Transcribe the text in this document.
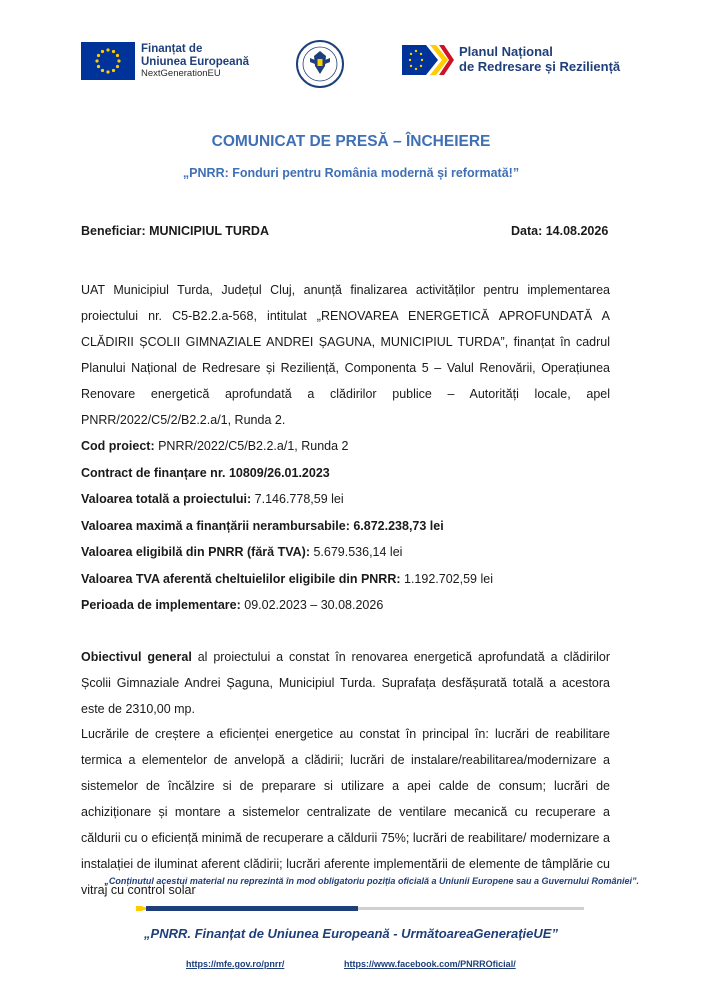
Finanțat de
Uniunea Europeană
NextGenerationEU
Planul Național
de Redresare și Reziliență
COMUNICAT DE PRESĂ – ÎNCHEIERE
„PNRR: Fonduri pentru România modernă și reformată!”
Beneficiar: MUNICIPIUL TURDA	Data: 14.08.2026
UAT Municipiul Turda, Județul Cluj, anunță finalizarea activităților pentru implementarea proiectului nr. C5-B2.2.a-568, intitulat „RENOVAREA ENERGETICĂ APROFUNDATĂ A CLĂDIRII ȘCOLII GIMNAZIALE ANDREI ȘAGUNA, MUNICIPIUL TURDA”, finanțat în cadrul Planului Național de Redresare și Reziliență, Componenta 5 – Valul Renovării, Operațiunea Renovare energetică aprofundată a clădirilor publice – Autorități locale, apel PNRR/2022/C5/2/B2.2.a/1, Runda 2.
Cod proiect: PNRR/2022/C5/B2.2.a/1, Runda 2
Contract de finanțare nr. 10809/26.01.2023
Valoarea totală a proiectului: 7.146.778,59 lei
Valoarea maximă a finanțării nerambursabile: 6.872.238,73 lei
Valoarea eligibilă din PNRR (fără TVA): 5.679.536,14 lei
Valoarea TVA aferentă cheltuielilor eligibile din PNRR: 1.192.702,59 lei
Perioada de implementare: 09.02.2023 – 30.08.2026
Obiectivul general al proiectului a constat în renovarea energetică aprofundată a clădirilor Școlii Gimnaziale Andrei Șaguna, Municipiul Turda. Suprafața desfășurată totală a acestora este de 2310,00 mp.
Lucrările de creștere a eficienței energetice au constat în principal în: lucrări de reabilitare termica a elementelor de anvelopă a clădirii; lucrări de instalare/reabilitarea/modernizare a sistemelor de încălzire si de preparare si utilizare a apei calde de consum; lucrări de achiziționare și montare a sistemelor centralizate de ventilare mecanică cu recuperare a căldurii cu o eficiență minimă de recuperare a căldurii 75%; lucrări de reabilitare/ modernizare a instalației de iluminat aferent clădirii; lucrări aferente implementării de elemente de tâmplărie cu vitraj cu control solar
„Conținutul acestui material nu reprezintă în mod obligatoriu poziția oficială a Uniunii Europene sau a Guvernului României”.
„PNRR. Finanțat de Uniunea Europeană - UrmătoareaGenerațieUE”
https://mfe.gov.ro/pnrr/	https://www.facebook.com/PNRROficial/
